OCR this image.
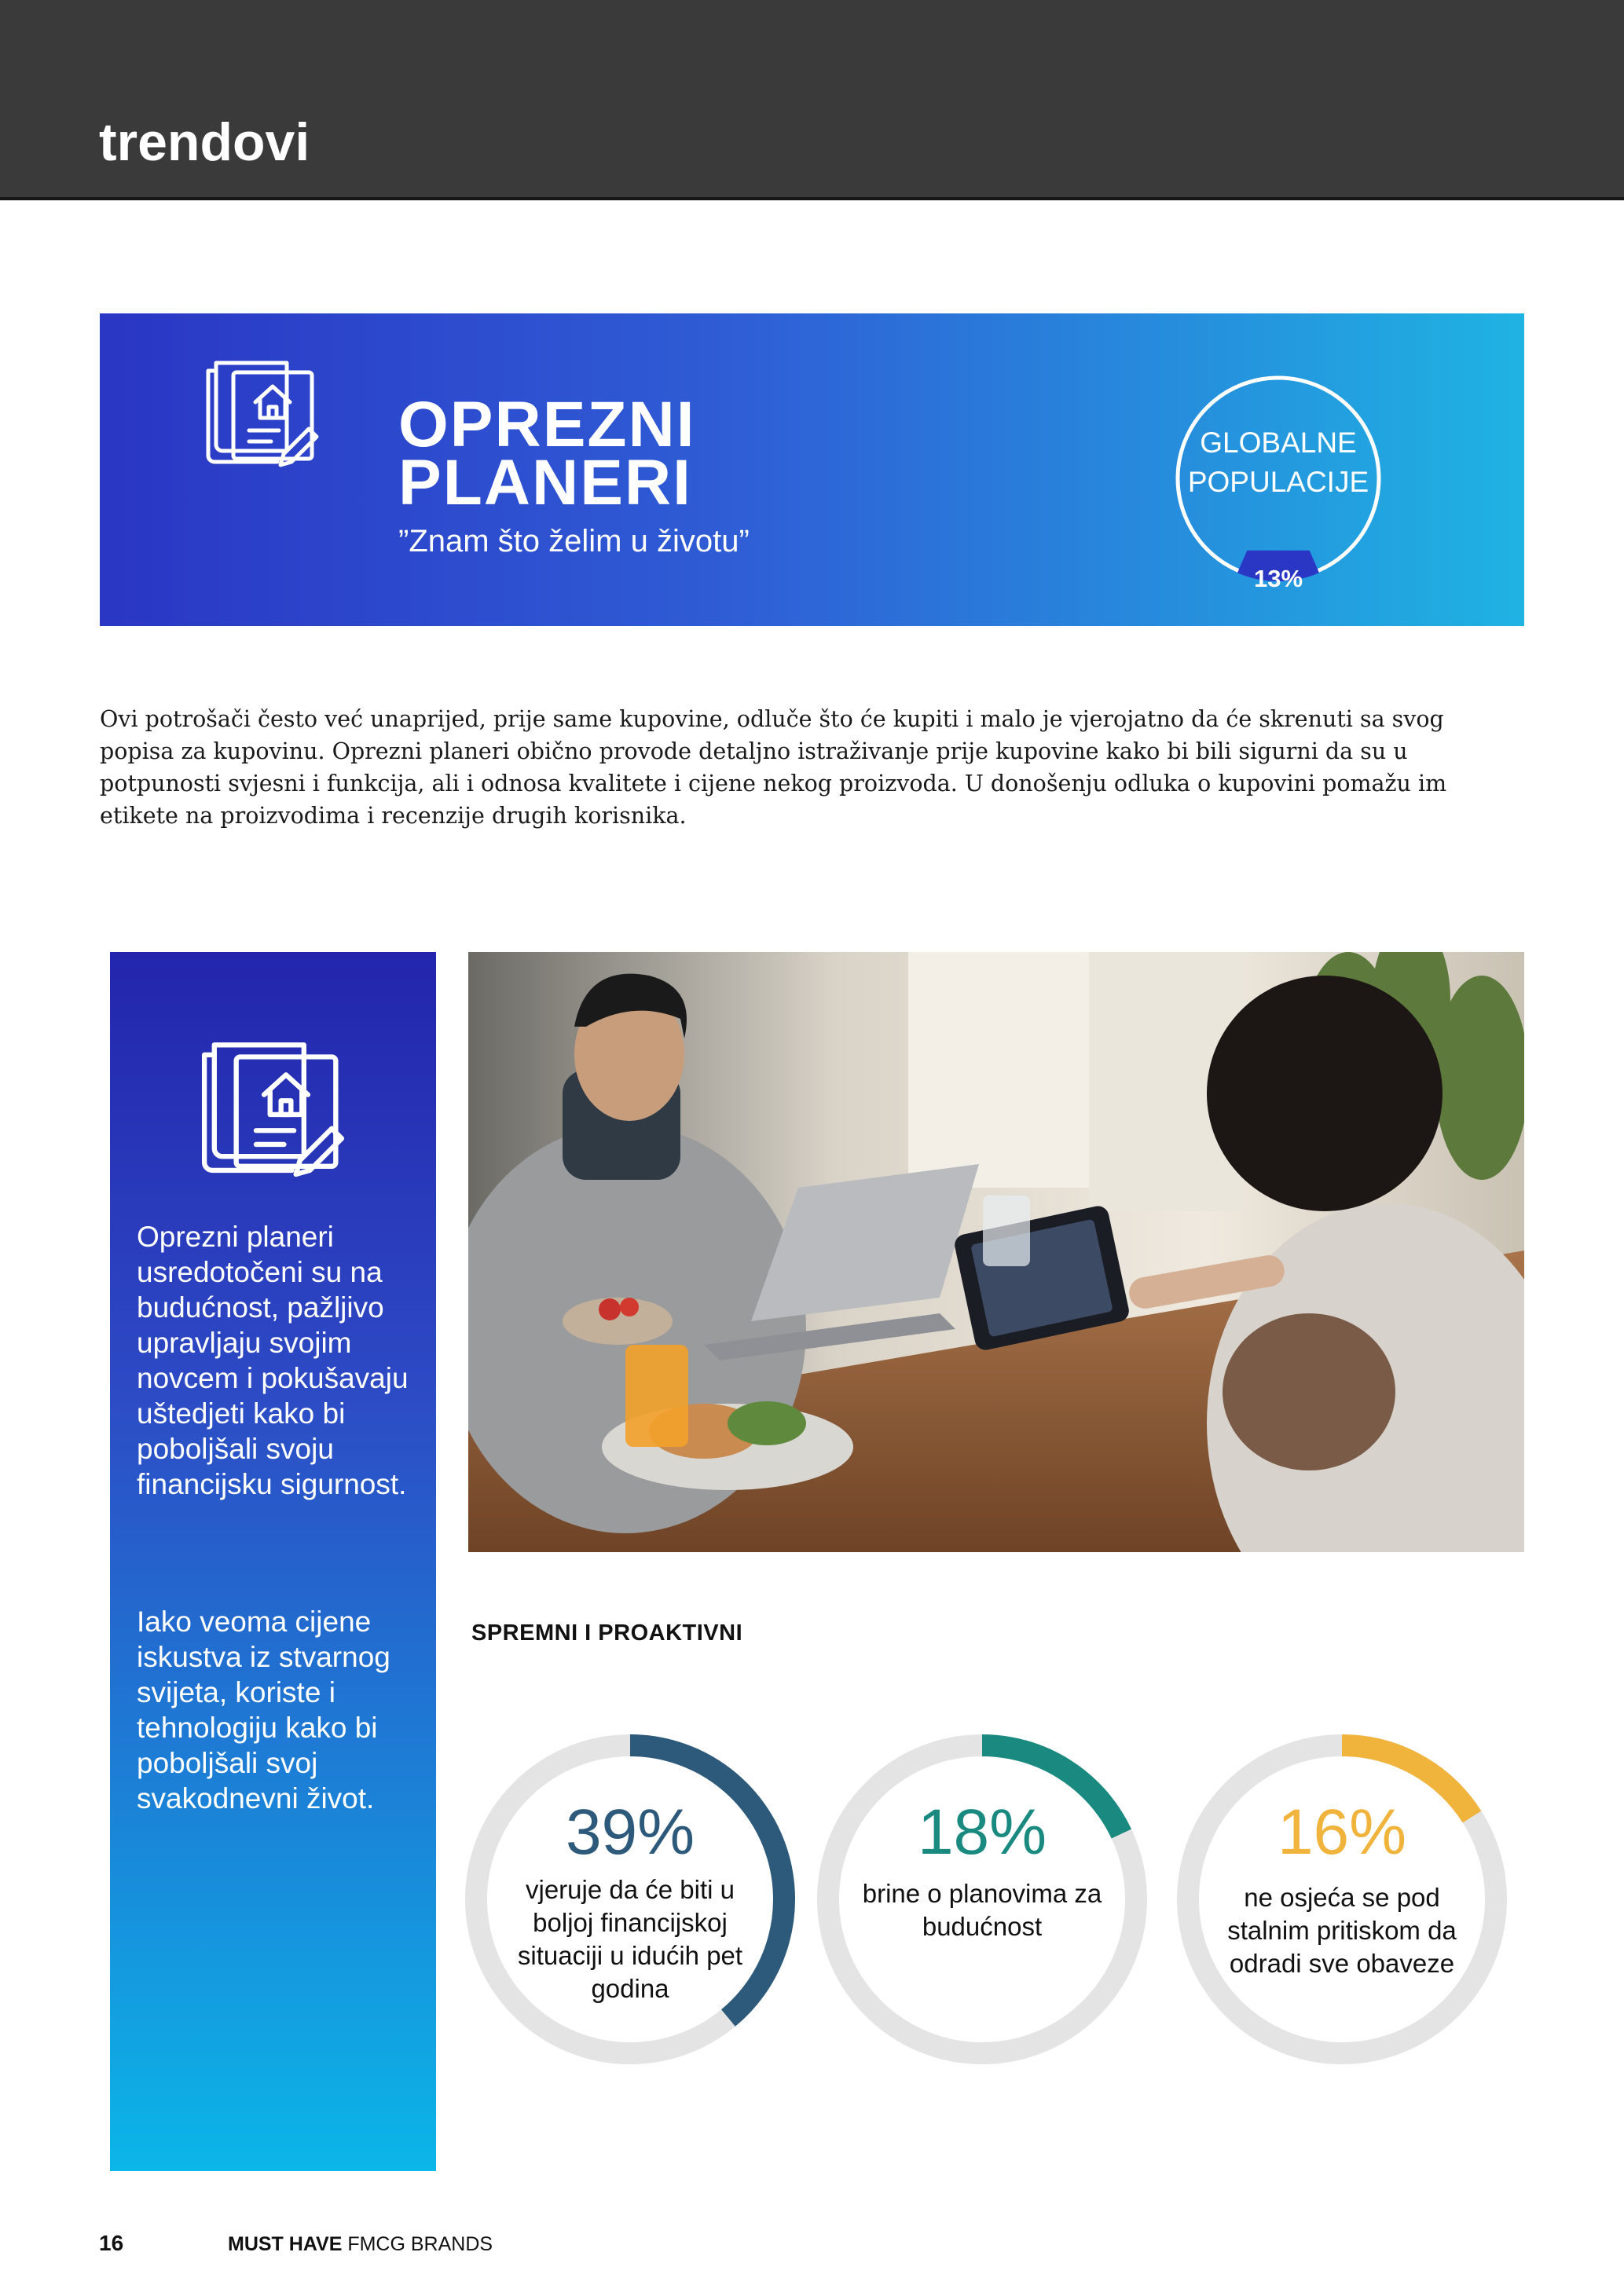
trendovi
OPREZNI
PLANERI
”Znam što želim u životu”
GLOBALNE
POPULACIJE
13%

Ovi potrošači često već unaprijed, prije same kupovine, odluče što će kupiti i malo je vjerojatno da će skrenuti sa svog popisa za kupovinu. Oprezni planeri obično provode detaljno istraživanje prije kupovine kako bi bili sigurni da su u potpunosti svjesni i funkcija, ali i odnosa kvalitete i cijene nekog proizvoda. U donošenju odluka o kupovini pomažu im etikete na proizvodima i recenzije drugih korisnika.

Oprezni planeri usredotočeni su na budućnost, pažljivo upravljaju svojim novcem i pokušavaju uštedjeti kako bi poboljšali svoju financijsku sigurnost.

Iako veoma cijene iskustva iz stvarnog svijeta, koriste i tehnologiju kako bi poboljšali svoj svakodnevni život.

SPREMNI I PROAKTIVNI
39%
vjeruje da će biti u boljoj financijskoj situaciji u idućih pet godina
18%
brine o planovima za budućnost
16%
ne osjeća se pod stalnim pritiskom da odradi sve obaveze
16	MUST HAVE FMCG BRANDS
